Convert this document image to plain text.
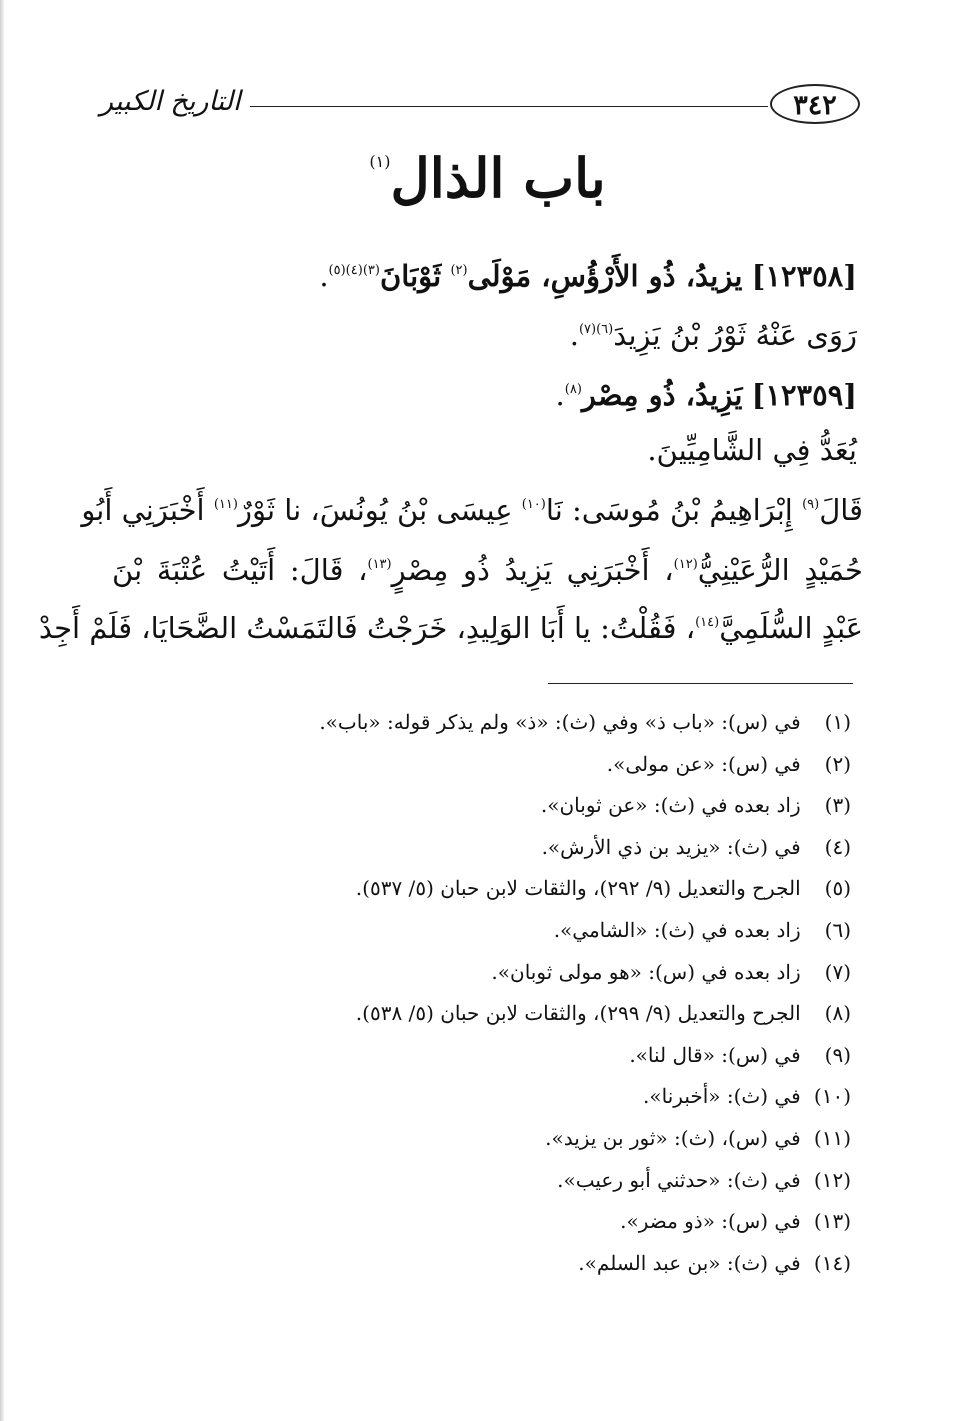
التاريخ الكبير	٣٤٢
باب الذال$^{(١)}$
[١٢٣٥٨] يزيدُ، ذُو الأَرْؤُسِ، مَوْلَى$^{(٢)}$ ثَوْبَانَ$^{(٣)(٤)(٥)}$.
رَوَى عَنْهُ ثَوْرُ بْنُ يَزِيدَ$^{(٦)(٧)}$.
[١٢٣٥٩] يَزِيدُ، ذُو مِصْر$^{(٨)}$.
يُعَدُّ فِي الشَّامِيِّينَ.
قَالَ$^{(٩)}$ إِبْرَاهِيمُ بْنُ مُوسَى: نَا$^{(١٠)}$ عِيسَى بْنُ يُونُسَ، نا ثَوْرٌ$^{(١١)}$ أَخْبَرَنِي أَبُو
حُمَيْدٍ الرُّعَيْنِيُّ$^{(١٢)}$، أَخْبَرَنِي يَزِيدُ ذُو مِصْرٍ$^{(١٣)}$، قَالَ: أَتَيْتُ عُتْبَةَ بْنَ
عَبْدٍ السُّلَمِيَّ$^{(١٤)}$، فَقُلْتُ: يا أَبَا الوَلِيدِ، خَرَجْتُ فَالتَمَسْتُ الضَّحَايَا، فَلَمْ أَجِدْ
(١) في (س): «باب ذ» وفي (ث): «ذ» ولم يذكر قوله: «باب».
(٢) في (س): «عن مولى».
(٣) زاد بعده في (ث): «عن ثوبان».
(٤) في (ث): «يزيد بن ذي الأرش».
(٥) الجرح والتعديل (٩/ ٢٩٢)، والثقات لابن حبان (٥/ ٥٣٧).
(٦) زاد بعده في (ث): «الشامي».
(٧) زاد بعده في (س): «هو مولى ثوبان».
(٨) الجرح والتعديل (٩/ ٢٩٩)، والثقات لابن حبان (٥/ ٥٣٨).
(٩) في (س): «قال لنا».
(١٠) في (ث): «أخبرنا».
(١١) في (س)، (ث): «ثور بن يزيد».
(١٢) في (ث): «حدثني أبو رعيب».
(١٣) في (س): «ذو مضر».
(١٤) في (ث): «بن عبد السلم».
